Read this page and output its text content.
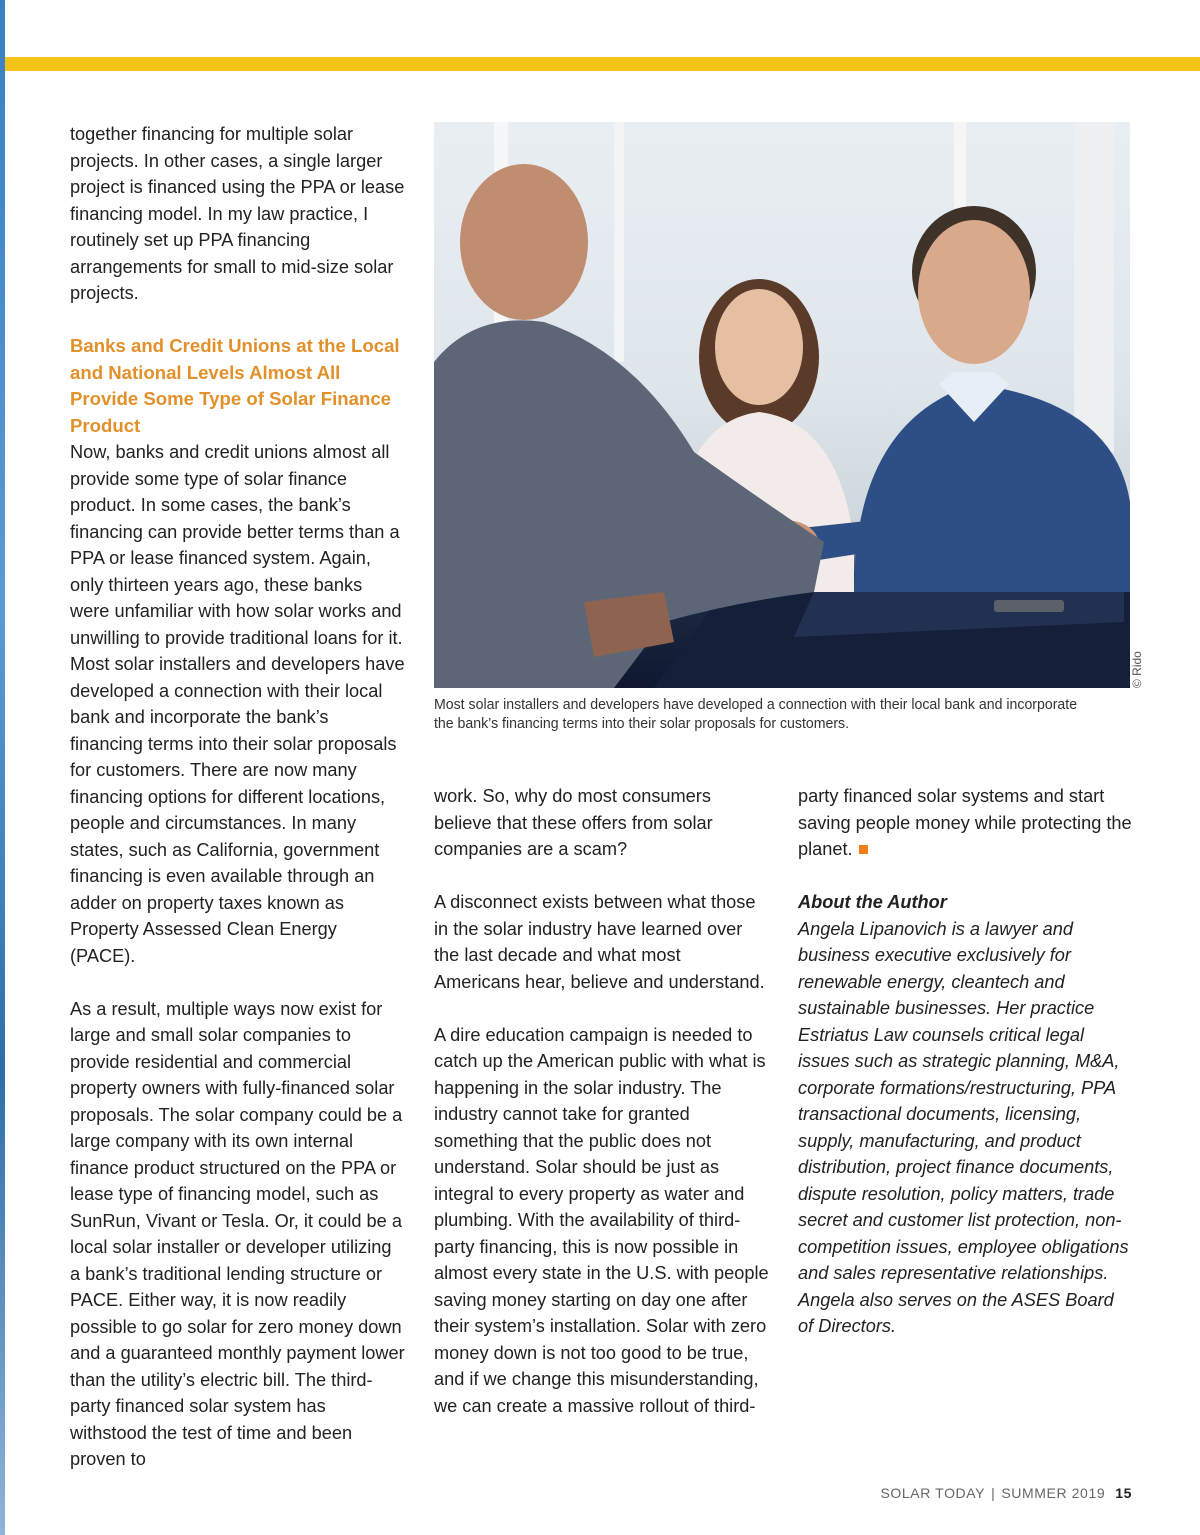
together financing for multiple solar projects. In other cases, a single larger project is financed using the PPA or lease financing model. In my law practice, I routinely set up PPA financing arrangements for small to mid-size solar projects.

Banks and Credit Unions at the Local and National Levels Almost All Provide Some Type of Solar Finance Product

Now, banks and credit unions almost all provide some type of solar finance product. In some cases, the bank’s financing can provide better terms than a PPA or lease financed system. Again, only thirteen years ago, these banks were unfamiliar with how solar works and unwilling to provide traditional loans for it. Most solar installers and developers have developed a connection with their local bank and incorporate the bank’s financing terms into their solar proposals for customers. There are now many financing options for different locations, people and circumstances. In many states, such as California, government financing is even available through an adder on property taxes known as Property Assessed Clean Energy (PACE).

As a result, multiple ways now exist for large and small solar companies to provide residential and commercial property owners with fully-financed solar proposals. The solar company could be a large company with its own internal finance product structured on the PPA or lease type of financing model, such as SunRun, Vivant or Tesla. Or, it could be a local solar installer or developer utilizing a bank’s traditional lending structure or PACE. Either way, it is now readily possible to go solar for zero money down and a guaranteed monthly payment lower than the utility’s electric bill. The third-party financed solar system has withstood the test of time and been proven to

© Rido
Most solar installers and developers have developed a connection with their local bank and incorporate the bank’s financing terms into their solar proposals for customers.

work. So, why do most consumers believe that these offers from solar companies are a scam?

A disconnect exists between what those in the solar industry have learned over the last decade and what most Americans hear, believe and understand.

A dire education campaign is needed to catch up the American public with what is happening in the solar industry. The industry cannot take for granted something that the public does not understand. Solar should be just as integral to every property as water and plumbing. With the availability of third-party financing, this is now possible in almost every state in the U.S. with people saving money starting on day one after their system’s installation. Solar with zero money down is not too good to be true, and if we change this misunderstanding, we can create a massive rollout of third-

party financed solar systems and start saving people money while protecting the planet.

About the Author

Angela Lipanovich is a lawyer and business executive exclusively for renewable energy, cleantech and sustainable businesses. Her practice Estriatus Law counsels critical legal issues such as strategic planning, M&A, corporate formations/restructuring, PPA transactional documents, licensing, supply, manufacturing, and product distribution, project finance documents, dispute resolution, policy matters, trade secret and customer list protection, non-competition issues, employee obligations and sales representative relationships. Angela also serves on the ASES Board of Directors.

SOLAR TODAY | SUMMER 2019 15
